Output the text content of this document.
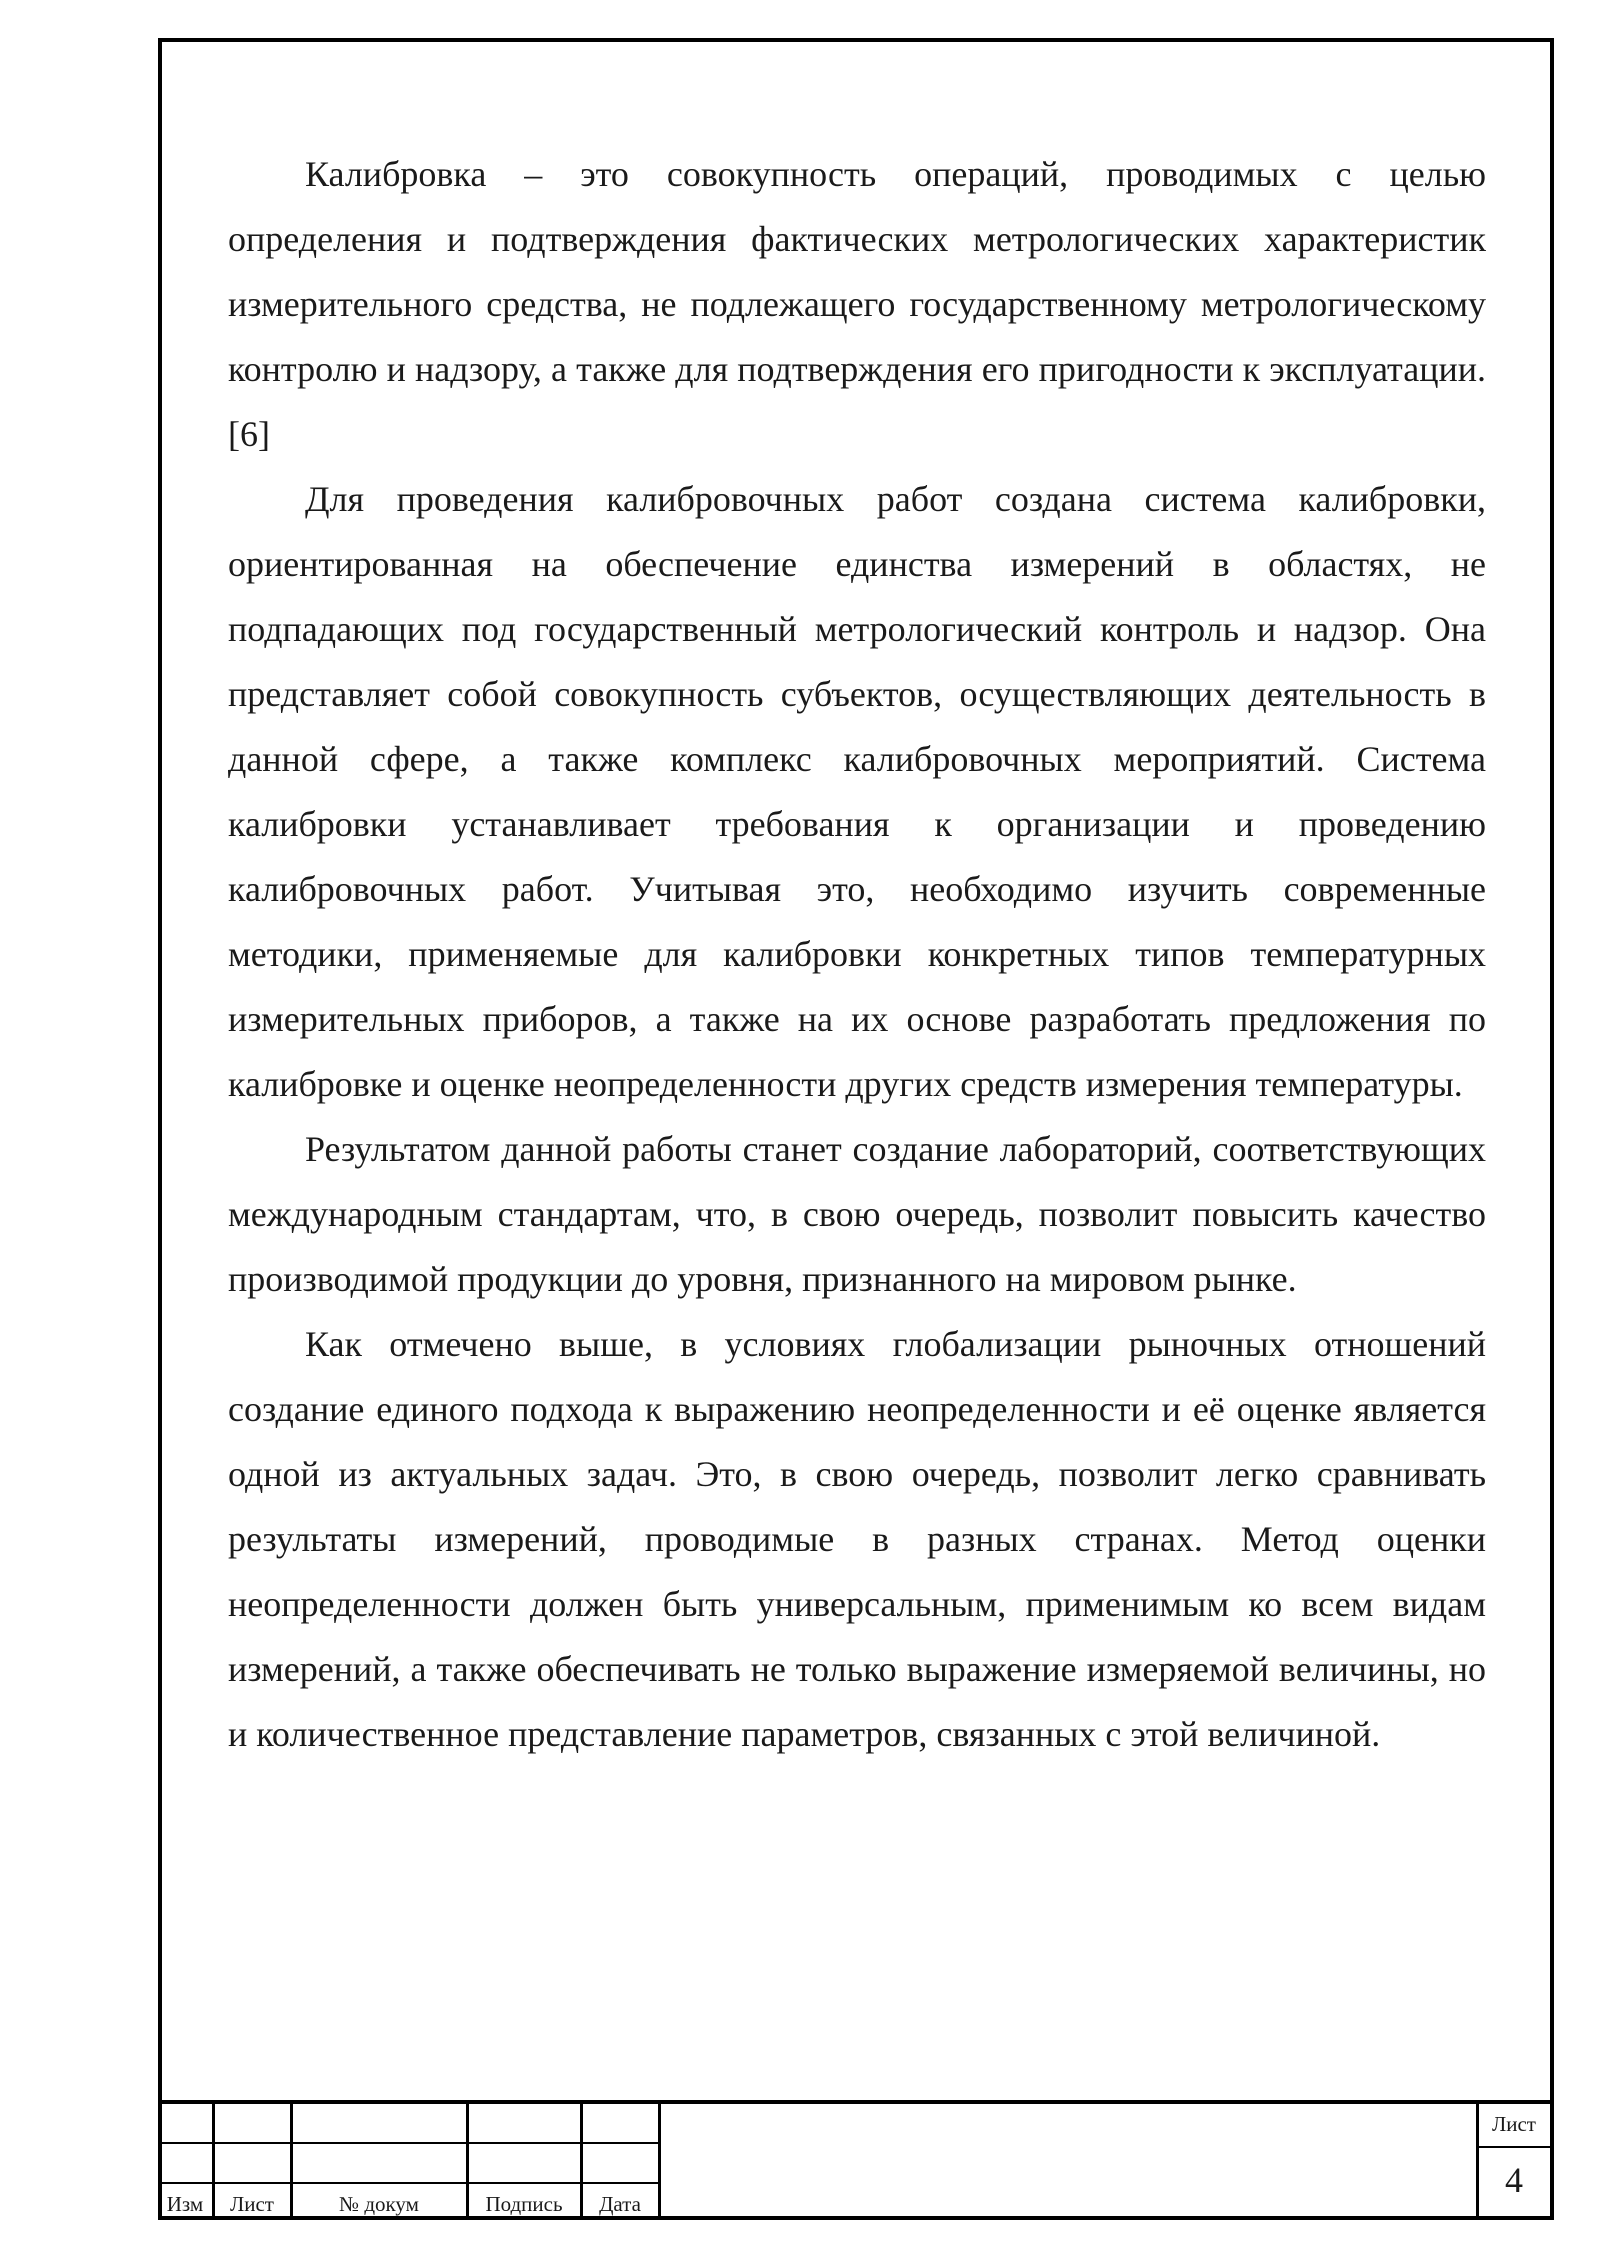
Калибровка – это совокупность операций, проводимых с целью определения и подтверждения фактических метрологических характеристик измерительного средства, не подлежащего государственному метрологическому контролю и надзору, а также для подтверждения его пригодности к эксплуатации. [6]

Для проведения калибровочных работ создана система калибровки, ориентированная на обеспечение единства измерений в областях, не подпадающих под государственный метрологический контроль и надзор. Она представляет собой совокупность субъектов, осуществляющих деятельность в данной сфере, а также комплекс калибровочных мероприятий. Система калибровки устанавливает требования к организации и проведению калибровочных работ. Учитывая это, необходимо изучить современные методики, применяемые для калибровки конкретных типов температурных измерительных приборов, а также на их основе разработать предложения по калибровке и оценке неопределенности других средств измерения температуры.

Результатом данной работы станет создание лабораторий, соответствующих международным стандартам, что, в свою очередь, позволит повысить качество производимой продукции до уровня, признанного на мировом рынке.

Как отмечено выше, в условиях глобализации рыночных отношений создание единого подхода к выражению неопределенности и её оценке является одной из актуальных задач. Это, в свою очередь, позволит легко сравнивать результаты измерений, проводимые в разных странах. Метод оценки неопределенности должен быть универсальным, применимым ко всем видам измерений, а также обеспечивать не только выражение измеряемой величины, но и количественное представление параметров, связанных с этой величиной.

Изм	Лист	№ докум	Подпись	Дата
Лист
4
